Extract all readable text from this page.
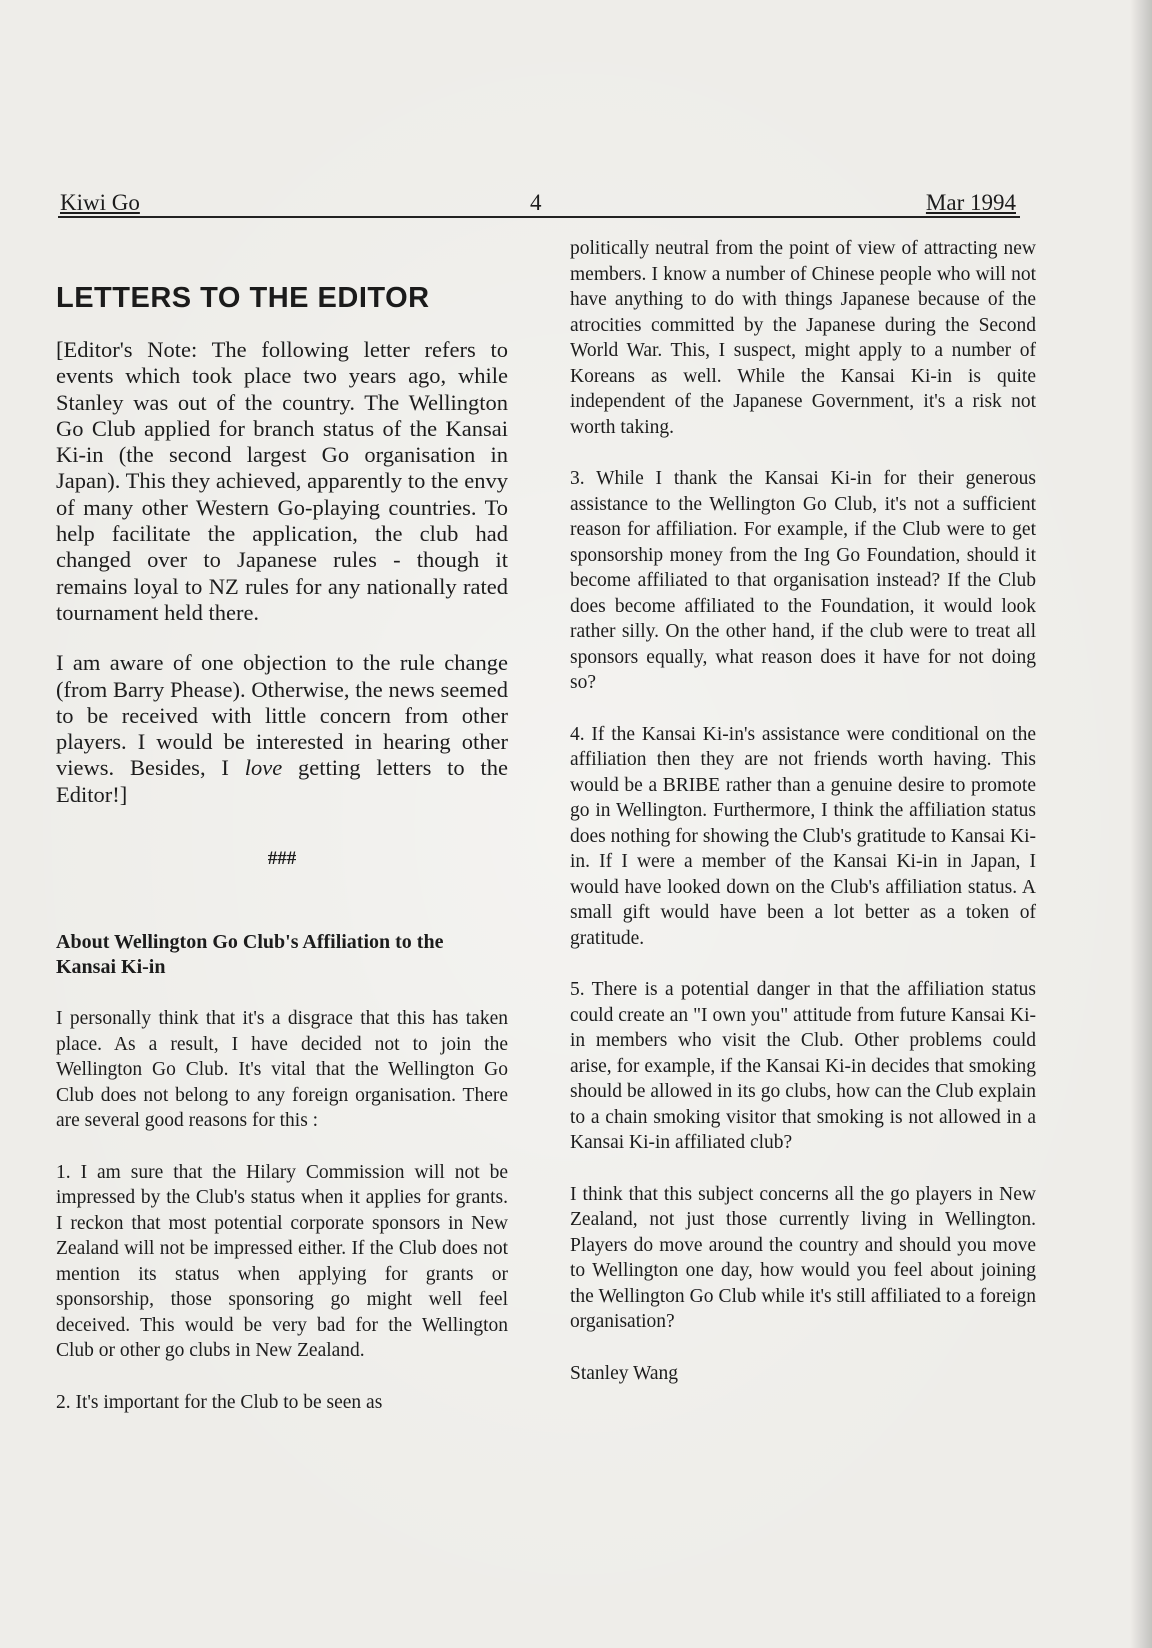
Kiwi Go	4	Mar 1994
LETTERS TO THE EDITOR

[Editor's Note: The following letter refers to events which took place two years ago, while Stanley was out of the country. The Wellington Go Club applied for branch status of the Kansai Ki-in (the second largest Go organisation in Japan). This they achieved, apparently to the envy of many other Western Go-playing countries. To help facilitate the application, the club had changed over to Japanese rules - though it remains loyal to NZ rules for any nationally rated tournament held there.

I am aware of one objection to the rule change (from Barry Phease). Otherwise, the news seemed to be received with little concern from other players. I would be interested in hearing other views. Besides, I love getting letters to the Editor!]

###
About Wellington Go Club's Affiliation to the Kansai Ki-in

I personally think that it's a disgrace that this has taken place. As a result, I have decided not to join the Wellington Go Club. It's vital that the Wellington Go Club does not belong to any foreign organisation. There are several good reasons for this :

1. I am sure that the Hilary Commission will not be impressed by the Club's status when it applies for grants. I reckon that most potential corporate sponsors in New Zealand will not be impressed either. If the Club does not mention its status when applying for grants or sponsorship, those sponsoring go might well feel deceived. This would be very bad for the Wellington Club or other go clubs in New Zealand.

2. It's important for the Club to be seen as

politically neutral from the point of view of attracting new members. I know a number of Chinese people who will not have anything to do with things Japanese because of the atrocities committed by the Japanese during the Second World War. This, I suspect, might apply to a number of Koreans as well. While the Kansai Ki-in is quite independent of the Japanese Government, it's a risk not worth taking.

3. While I thank the Kansai Ki-in for their generous assistance to the Wellington Go Club, it's not a sufficient reason for affiliation. For example, if the Club were to get sponsorship money from the Ing Go Foundation, should it become affiliated to that organisation instead? If the Club does become affiliated to the Foundation, it would look rather silly. On the other hand, if the club were to treat all sponsors equally, what reason does it have for not doing so?

4. If the Kansai Ki-in's assistance were conditional on the affiliation then they are not friends worth having. This would be a BRIBE rather than a genuine desire to promote go in Wellington. Furthermore, I think the affiliation status does nothing for showing the Club's gratitude to Kansai Ki-in. If I were a member of the Kansai Ki-in in Japan, I would have looked down on the Club's affiliation status. A small gift would have been a lot better as a token of gratitude.

5. There is a potential danger in that the affiliation status could create an "I own you" attitude from future Kansai Ki-in members who visit the Club. Other problems could arise, for example, if the Kansai Ki-in decides that smoking should be allowed in its go clubs, how can the Club explain to a chain smoking visitor that smoking is not allowed in a Kansai Ki-in affiliated club?

I think that this subject concerns all the go players in New Zealand, not just those currently living in Wellington. Players do move around the country and should you move to Wellington one day, how would you feel about joining the Wellington Go Club while it's still affiliated to a foreign organisation?

Stanley Wang
